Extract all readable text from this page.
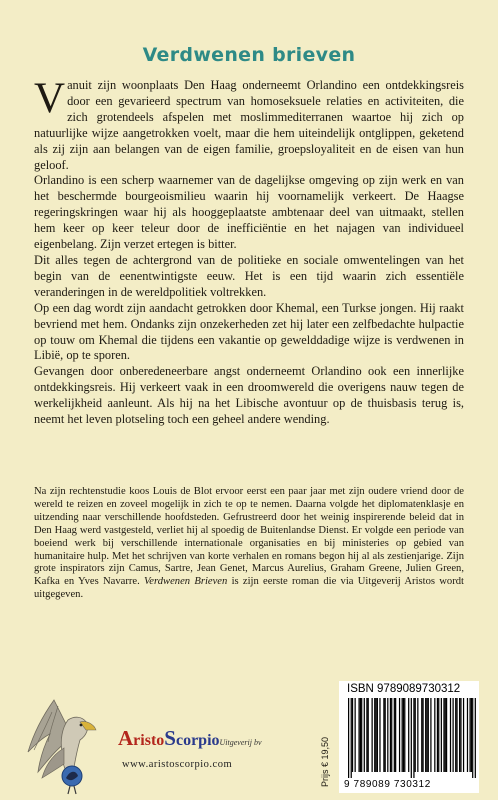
Verdwenen brieven

Vanuit zijn woonplaats Den Haag onderneemt Orlandino een ontdekkingsreis door een gevarieerd spectrum van homoseksuele relaties en activiteiten, die zich grotendeels afspelen met moslimmediterranen waartoe hij zich op natuurlijke wijze aangetrokken voelt, maar die hem uiteindelijk ontglippen, geketend als zij zijn aan belangen van de eigen familie, groepsloyaliteit en de eisen van hun geloof.

Orlandino is een scherp waarnemer van de dagelijkse omgeving op zijn werk en van het beschermde bourgeoismilieu waarin hij voornamelijk verkeert. De Haagse regeringskringen waar hij als hooggeplaatste ambtenaar deel van uitmaakt, stellen hem keer op keer teleur door de inefficiëntie en het najagen van individueel eigenbelang. Zijn verzet ertegen is bitter.

Dit alles tegen de achtergrond van de politieke en sociale omwentelingen van het begin van de eenentwintigste eeuw. Het is een tijd waarin zich essentiële veranderingen in de wereldpolitiek voltrekken.

Op een dag wordt zijn aandacht getrokken door Khemal, een Turkse jongen. Hij raakt bevriend met hem. Ondanks zijn onzekerheden zet hij later een zelfbedachte hulpactie op touw om Khemal die tijdens een vakantie op gewelddadige wijze is verdwenen in Libië, op te sporen.

Gevangen door onberedeneerbare angst onderneemt Orlandino ook een innerlijke ontdekkingsreis. Hij verkeert vaak in een droomwereld die overigens nauw tegen de werkelijkheid aanleunt. Als hij na het Libische avontuur op de thuisbasis terug is, neemt het leven plotseling toch een geheel andere wending.

Na zijn rechtenstudie koos Louis de Blot ervoor eerst een paar jaar met zijn oudere vriend door de wereld te reizen en zoveel mogelijk in zich te op te nemen. Daarna volgde het diplomatenklasje en uitzending naar verschillende hoofdsteden. Gefrustreerd door het weinig inspirerende beleid dat in Den Haag werd vastgesteld, verliet hij al spoedig de Buitenlandse Dienst. Er volgde een periode van boeiend werk bij verschillende internationale organisaties en bij ministeries op gebied van humanitaire hulp. Met het schrijven van korte verhalen en romans begon hij al als zestienjarige. Zijn grote inspirators zijn Camus, Sartre, Jean Genet, Marcus Aurelius, Graham Greene, Julien Green, Kafka en Yves Navarre. Verdwenen Brieven is zijn eerste roman die via Uitgeverij Aristos wordt uitgegeven.
AristoScorpioUitgeverij bv
www.aristoscorpio.com	Prijs € 19,50
ISBN 9789089730312
9 789089 730312
